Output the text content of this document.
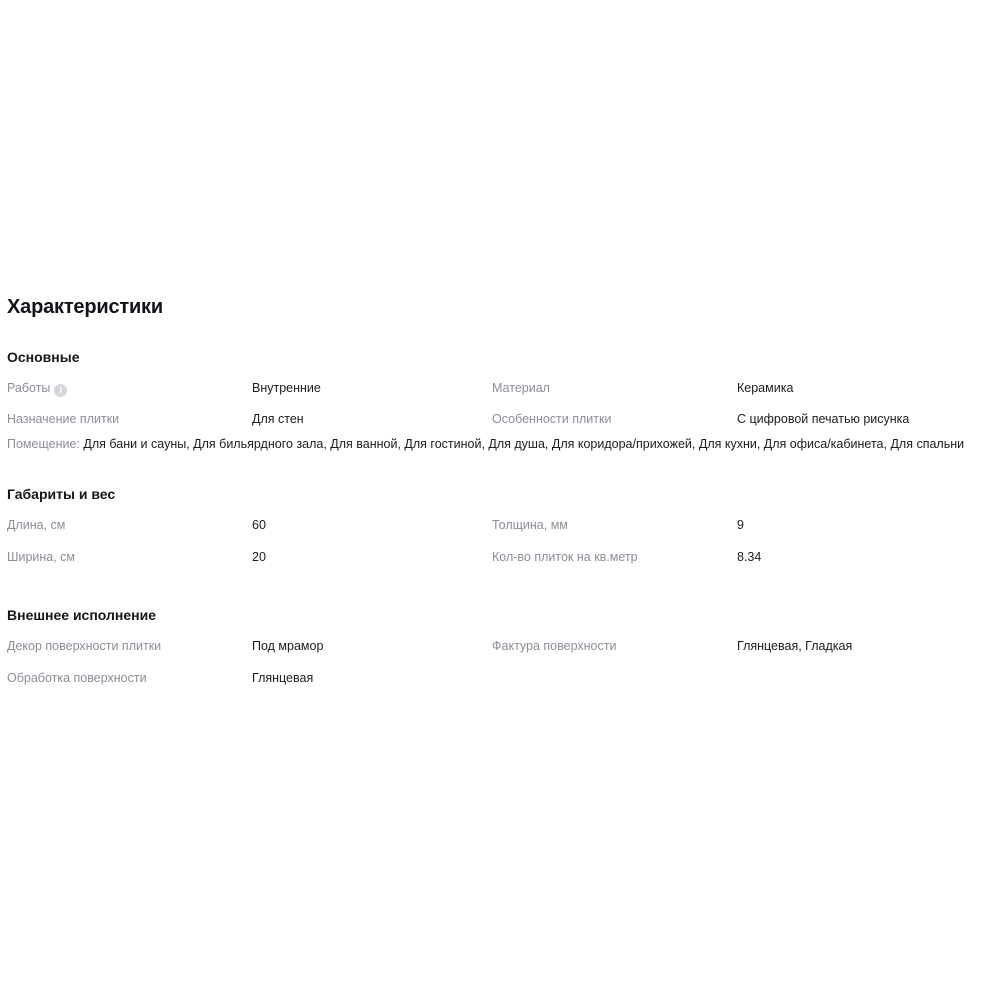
Характеристики
Основные
Работы i	Внутренние	Материал	Керамика
Назначение плитки	Для стен	Особенности плитки	С цифровой печатью рисунка
Помещение: Для бани и сауны, Для бильярдного зала, Для ванной, Для гостиной, Для душа, Для коридора/прихожей, Для кухни, Для офиса/кабинета, Для спальни
Габариты и вес
Длина, см	60	Толщина, мм	9
Ширина, см	20	Кол-во плиток на кв.метр	8.34
Внешнее исполнение
Декор поверхности плитки	Под мрамор	Фактура поверхности	Глянцевая, Гладкая
Обработка поверхности	Глянцевая
